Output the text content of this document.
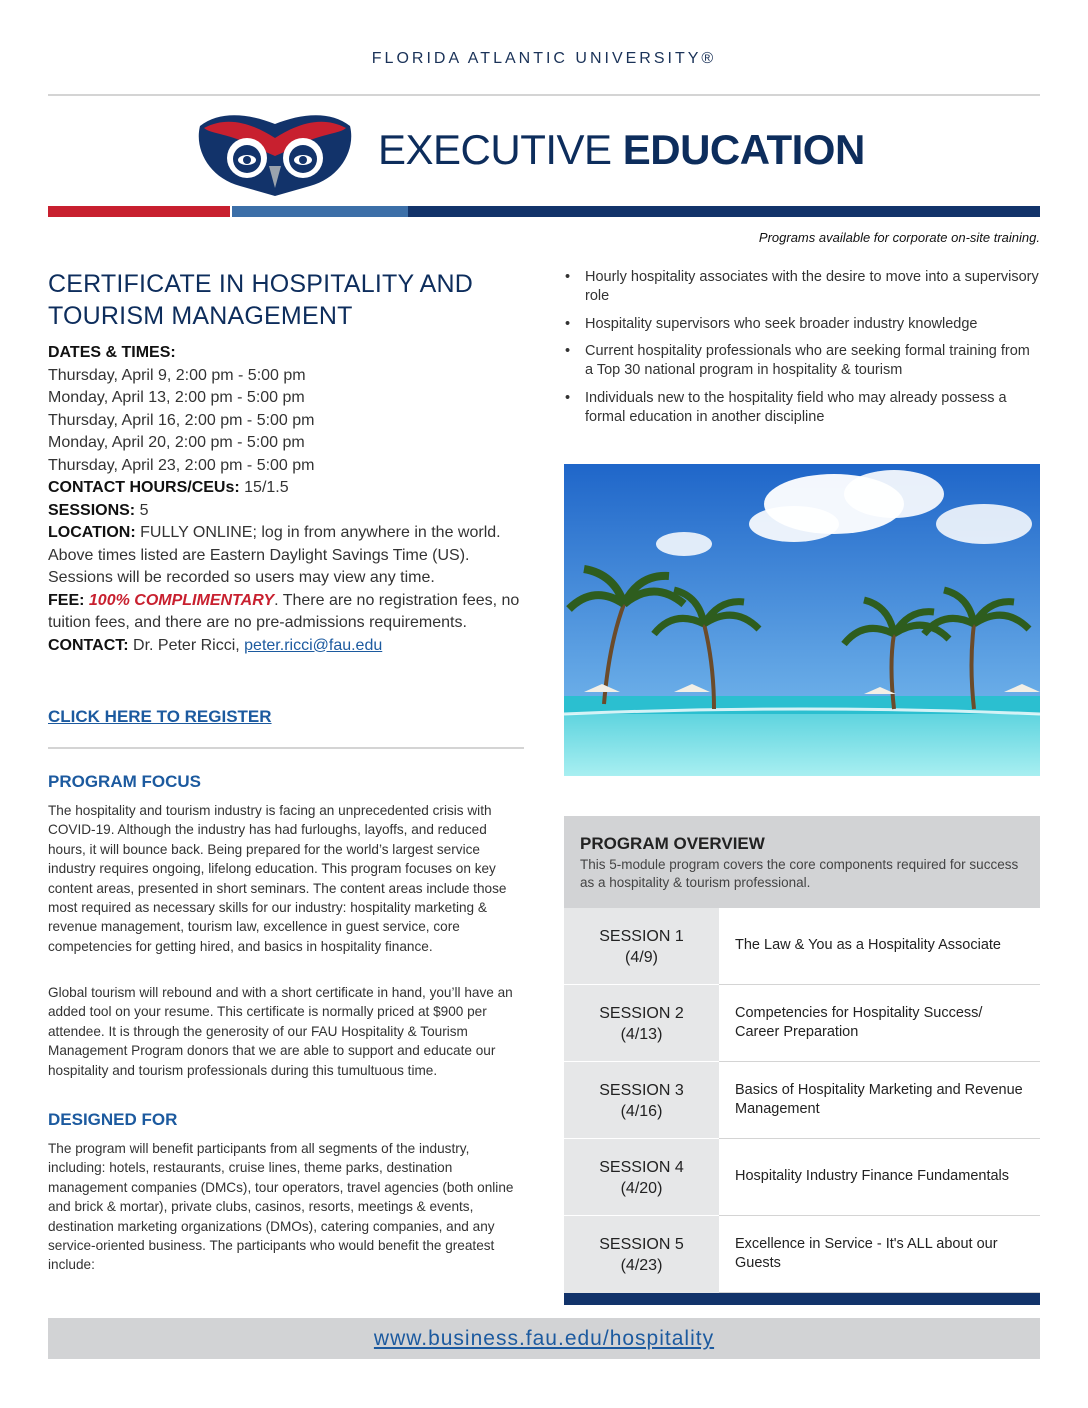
FLORIDA ATLANTIC UNIVERSITY®
EXECUTIVE EDUCATION
Programs available for corporate on-site training.
CERTIFICATE IN HOSPITALITY AND TOURISM MANAGEMENT
DATES & TIMES:
Thursday, April 9, 2:00 pm - 5:00 pm
Monday, April 13, 2:00 pm - 5:00 pm
Thursday, April 16, 2:00 pm - 5:00 pm
Monday, April 20, 2:00 pm - 5:00 pm
Thursday, April 23, 2:00 pm - 5:00 pm
CONTACT HOURS/CEUs: 15/1.5
SESSIONS: 5
LOCATION: FULLY ONLINE; log in from anywhere in the world. Above times listed are Eastern Daylight Savings Time (US). Sessions will be recorded so users may view any time.
FEE: 100% COMPLIMENTARY. There are no registration fees, no tuition fees, and there are no pre-admissions requirements.
CONTACT: Dr. Peter Ricci, peter.ricci@fau.edu
CLICK HERE TO REGISTER
PROGRAM FOCUS

The hospitality and tourism industry is facing an unprecedented crisis with COVID-19. Although the industry has had furloughs, layoffs, and reduced hours, it will bounce back. Being prepared for the world’s largest service industry requires ongoing, lifelong education. This program focuses on key content areas, presented in short seminars. The content areas include those most required as necessary skills for our industry: hospitality marketing & revenue management, tourism law, excellence in guest service, core competencies for getting hired, and basics in hospitality finance.

Global tourism will rebound and with a short certificate in hand, you’ll have an added tool on your resume. This certificate is normally priced at $900 per attendee. It is through the generosity of our FAU Hospitality & Tourism Management Program donors that we are able to support and educate our hospitality and tourism professionals during this tumultuous time.

DESIGNED FOR

The program will benefit participants from all segments of the industry, including: hotels, restaurants, cruise lines, theme parks, destination management companies (DMCs), tour operators, travel agencies (both online and brick & mortar), private clubs, casinos, resorts, meetings & events, destination marketing organizations (DMOs), catering companies, and any service-oriented business. The participants who would benefit the greatest include:

• Hourly hospitality associates with the desire to move into a supervisory role
• Hospitality supervisors who seek broader industry knowledge
• Current hospitality professionals who are seeking formal training from a Top 30 national program in hospitality & tourism
• Individuals new to the hospitality field who may already possess a formal education in another discipline
PROGRAM OVERVIEW
This 5-module program covers the core components required for success as a hospitality & tourism professional.
SESSION 1
(4/9)
The Law & You as a Hospitality Associate
SESSION 2
(4/13)
Competencies for Hospitality Success/ Career Preparation
SESSION 3
(4/16)
Basics of Hospitality Marketing and Revenue Management
SESSION 4
(4/20)
Hospitality Industry Finance Fundamentals
SESSION 5
(4/23)
Excellence in Service - It's ALL about our Guests
www.business.fau.edu/hospitality
